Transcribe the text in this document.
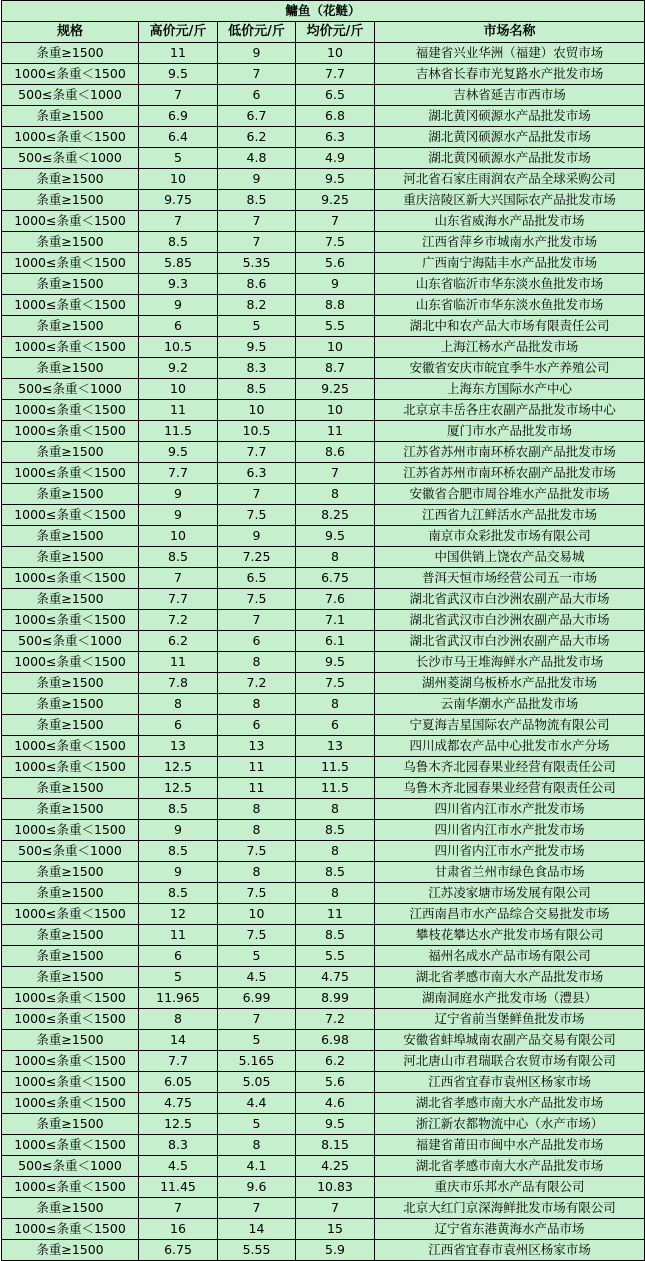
鳙鱼（花鲢）				
规格	高价元/斤	低价元/斤	均价元/斤	市场名称
条重≥1500	11	9	10	福建省兴业华洲（福建）农贸市场
1000≤条重＜1500	9.5	7	7.7	吉林省长春市光复路水产批发市场
500≤条重＜1000	7	6	6.5	吉林省延吉市西市场
条重≥1500	6.9	6.7	6.8	湖北黄冈硕源水产品批发市场
1000≤条重＜1500	6.4	6.2	6.3	湖北黄冈硕源水产品批发市场
500≤条重＜1000	5	4.8	4.9	湖北黄冈硕源水产品批发市场
条重≥1500	10	9	9.5	河北省石家庄雨润农产品全球采购公司
条重≥1500	9.75	8.5	9.25	重庆涪陵区新大兴国际农产品批发市场
1000≤条重＜1500	7	7	7	山东省威海水产品批发市场
条重≥1500	8.5	7	7.5	江西省萍乡市城南水产批发市场
1000≤条重＜1500	5.85	5.35	5.6	广西南宁海陆丰水产品批发市场
条重≥1500	9.3	8.6	9	山东省临沂市华东淡水鱼批发市场
1000≤条重＜1500	9	8.2	8.8	山东省临沂市华东淡水鱼批发市场
条重≥1500	6	5	5.5	湖北中和农产品大市场有限责任公司
1000≤条重＜1500	10.5	9.5	10	上海江杨水产品批发市场
条重≥1500	9.2	8.3	8.7	安徽省安庆市皖宜季牛水产养殖公司
500≤条重＜1000	10	8.5	9.25	上海东方国际水产中心
1000≤条重＜1500	11	10	10	北京京丰岳各庄农副产品批发市场中心
1000≤条重＜1500	11.5	10.5	11	厦门市水产品批发市场
条重≥1500	9.5	7.7	8.6	江苏省苏州市南环桥农副产品批发市场
1000≤条重＜1500	7.7	6.3	7	江苏省苏州市南环桥农副产品批发市场
条重≥1500	9	7	8	安徽省合肥市周谷堆水产品批发市场
1000≤条重＜1500	9	7.5	8.25	江西省九江鲜活水产品批发市场
条重≥1500	10	9	9.5	南京市众彩批发市场有限公司
条重≥1500	8.5	7.25	8	中国供销上饶农产品交易城
1000≤条重＜1500	7	6.5	6.75	普洱天恒市场经营公司五一市场
条重≥1500	7.7	7.5	7.6	湖北省武汉市白沙洲农副产品大市场
1000≤条重＜1500	7.2	7	7.1	湖北省武汉市白沙洲农副产品大市场
500≤条重＜1000	6.2	6	6.1	湖北省武汉市白沙洲农副产品大市场
1000≤条重＜1500	11	8	9.5	长沙市马王堆海鲜水产品批发市场
条重≥1500	7.8	7.2	7.5	湖州菱湖乌板桥水产品批发市场
条重≥1500	8	8	8	云南华潮水产品批发市场
条重≥1500	6	6	6	宁夏海吉星国际农产品物流有限公司
1000≤条重＜1500	13	13	13	四川成都农产品中心批发市水产分场
1000≤条重＜1500	12.5	11	11.5	乌鲁木齐北园春果业经营有限责任公司
条重≥1500	12.5	11	11.5	乌鲁木齐北园春果业经营有限责任公司
条重≥1500	8.5	8	8	四川省内江市水产批发市场
1000≤条重＜1500	9	8	8.5	四川省内江市水产批发市场
500≤条重＜1000	8.5	7.5	8	四川省内江市水产批发市场
条重≥1500	9	8	8.5	甘肃省兰州市绿色食品市场
条重≥1500	8.5	7.5	8	江苏凌家塘市场发展有限公司
1000≤条重＜1500	12	10	11	江西南昌市水产品综合交易批发市场
条重≥1500	11	7.5	8.5	攀枝花攀达水产批发市场有限公司
条重≥1500	6	5	5.5	福州名成水产品市场有限公司
条重≥1500	5	4.5	4.75	湖北省孝感市南大水产品批发市场
1000≤条重＜1500	11.965	6.99	8.99	湖南洞庭水产批发市场（澧县）
1000≤条重＜1500	8	7	7.2	辽宁省前当堡鲜鱼批发市场
条重≥1500	14	5	6.98	安徽省蚌埠城南农副产品交易有限公司
1000≤条重＜1500	7.7	5.165	6.2	河北唐山市君瑞联合农贸市场有限公司
1000≤条重＜1500	6.05	5.05	5.6	江西省宜春市袁州区杨家市场
1000≤条重＜1500	4.75	4.4	4.6	湖北省孝感市南大水产品批发市场
条重≥1500	12.5	5	9.5	浙江新农都物流中心（水产市场）
1000≤条重＜1500	8.3	8	8.15	福建省莆田市闽中水产品批发市场
500≤条重＜1000	4.5	4.1	4.25	湖北省孝感市南大水产品批发市场
1000≤条重＜1500	11.45	9.6	10.83	重庆市乐邦水产品有限公司
条重≥1500	7	7	7	北京大红门京深海鲜批发市场有限公司
1000≤条重＜1500	16	14	15	辽宁省东港黄海水产品市场
条重≥1500	6.75	5.55	5.9	江西省宜春市袁州区杨家市场
